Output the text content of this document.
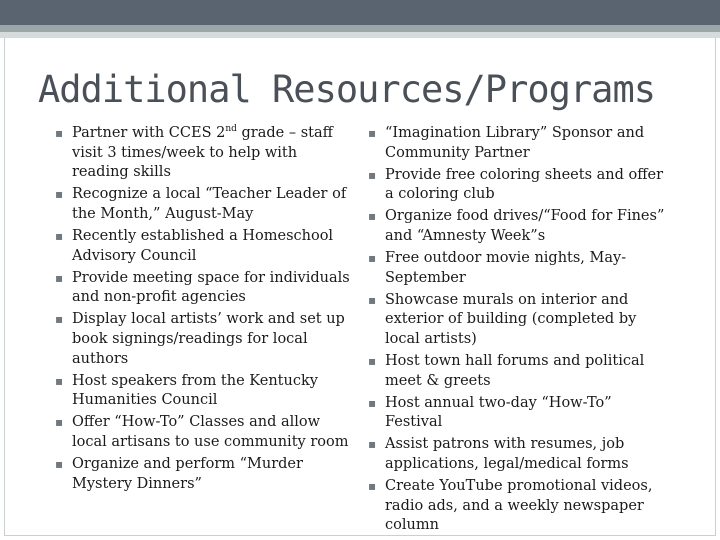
Additional Resources/Programs
▪ Partner with CCES 2nd grade – staff visit 3 times/week to help with reading skills
▪ Recognize a local “Teacher Leader of the Month,” August-May
▪ Recently established a Homeschool Advisory Council
▪ Provide meeting space for individuals and non-profit agencies
▪ Display local artists’ work and set up book signings/readings for local authors
▪ Host speakers from the Kentucky Humanities Council
▪ Offer “How-To” Classes and allow local artisans to use community room
▪ Organize and perform “Murder Mystery Dinners”
▪ “Imagination Library” Sponsor and Community Partner
▪ Provide free coloring sheets and offer a coloring club
▪ Organize food drives/“Food for Fines” and “Amnesty Week”s
▪ Free outdoor movie nights, May-September
▪ Showcase murals on interior and exterior of building (completed by local artists)
▪ Host town hall forums and political meet & greets
▪ Host annual two-day “How-To” Festival
▪ Assist patrons with resumes, job applications, legal/medical forms
▪ Create YouTube promotional videos, radio ads, and a weekly newspaper column
